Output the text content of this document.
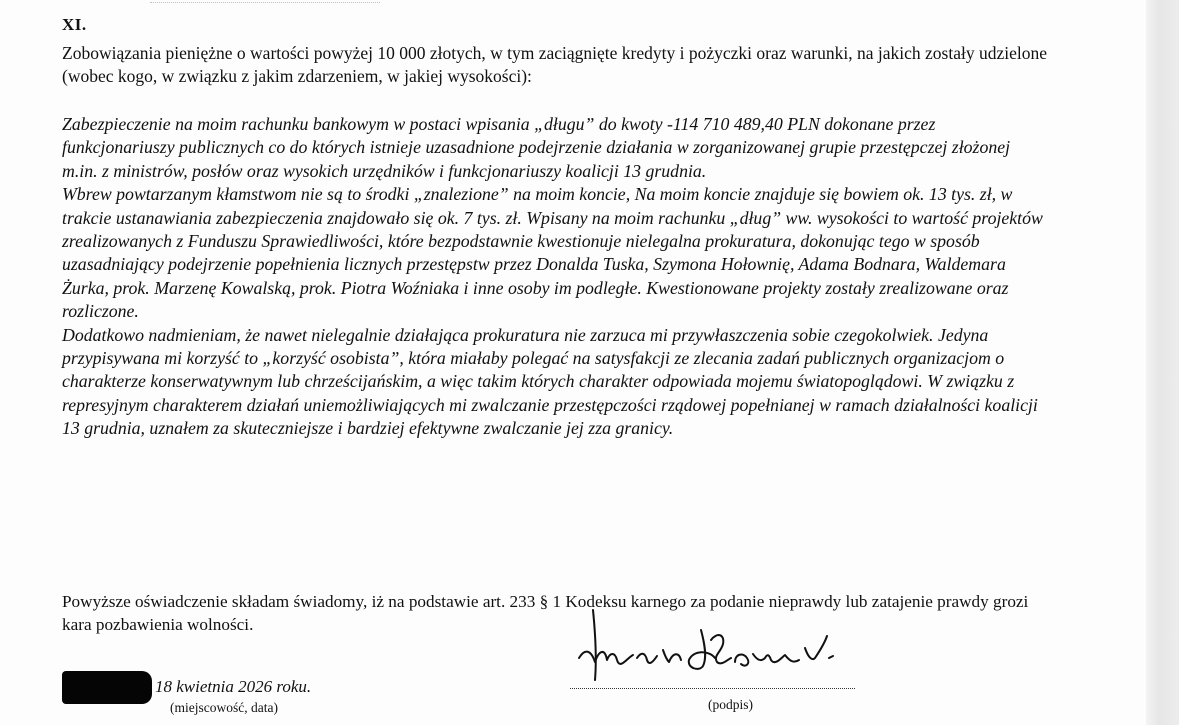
XI.

Zobowiązania pieniężne o wartości powyżej 10 000 złotych, w tym zaciągnięte kredyty i pożyczki oraz warunki, na jakich zostały udzielone (wobec kogo, w związku z jakim zdarzeniem, w jakiej wysokości):

Zabezpieczenie na moim rachunku bankowym w postaci wpisania „długu” do kwoty -114 710 489,40 PLN dokonane przez funkcjonariuszy publicznych co do których istnieje uzasadnione podejrzenie działania w zorganizowanej grupie przestępczej złożonej m.in. z ministrów, posłów oraz wysokich urzędników i funkcjonariuszy koalicji 13 grudnia.

Wbrew powtarzanym kłamstwom nie są to środki „znalezione” na moim koncie, Na moim koncie znajduje się bowiem ok. 13 tys. zł, w trakcie ustanawiania zabezpieczenia znajdowało się ok. 7 tys. zł. Wpisany na moim rachunku „dług” ww. wysokości to wartość projektów zrealizowanych z Funduszu Sprawiedliwości, które bezpodstawnie kwestionuje nielegalna prokuratura, dokonując tego w sposób uzasadniający podejrzenie popełnienia licznych przestępstw przez Donalda Tuska, Szymona Hołownię, Adama Bodnara, Waldemara Żurka, prok. Marzenę Kowalską, prok. Piotra Woźniaka i inne osoby im podległe. Kwestionowane projekty zostały zrealizowane oraz rozliczone.

Dodatkowo nadmieniam, że nawet nielegalnie działająca prokuratura nie zarzuca mi przywłaszczenia sobie czegokolwiek. Jedyna przypisywana mi korzyść to „korzyść osobista”, która miałaby polegać na satysfakcji ze zlecania zadań publicznych organizacjom o charakterze konserwatywnym lub chrześcijańskim, a więc takim których charakter odpowiada mojemu światopoglądowi. W związku z represyjnym charakterem działań uniemożliwiających mi zwalczanie przestępczości rządowej popełnianej w ramach działalności koalicji 13 grudnia, uznałem za skuteczniejsze i bardziej efektywne zwalczanie jej zza granicy.

Powyższe oświadczenie składam świadomy, iż na podstawie art. 233 § 1 Kodeksu karnego za podanie nieprawdy lub zatajenie prawdy grozi kara pozbawienia wolności.

18 kwietnia 2026 roku.
(miejscowość, data)	(podpis)
